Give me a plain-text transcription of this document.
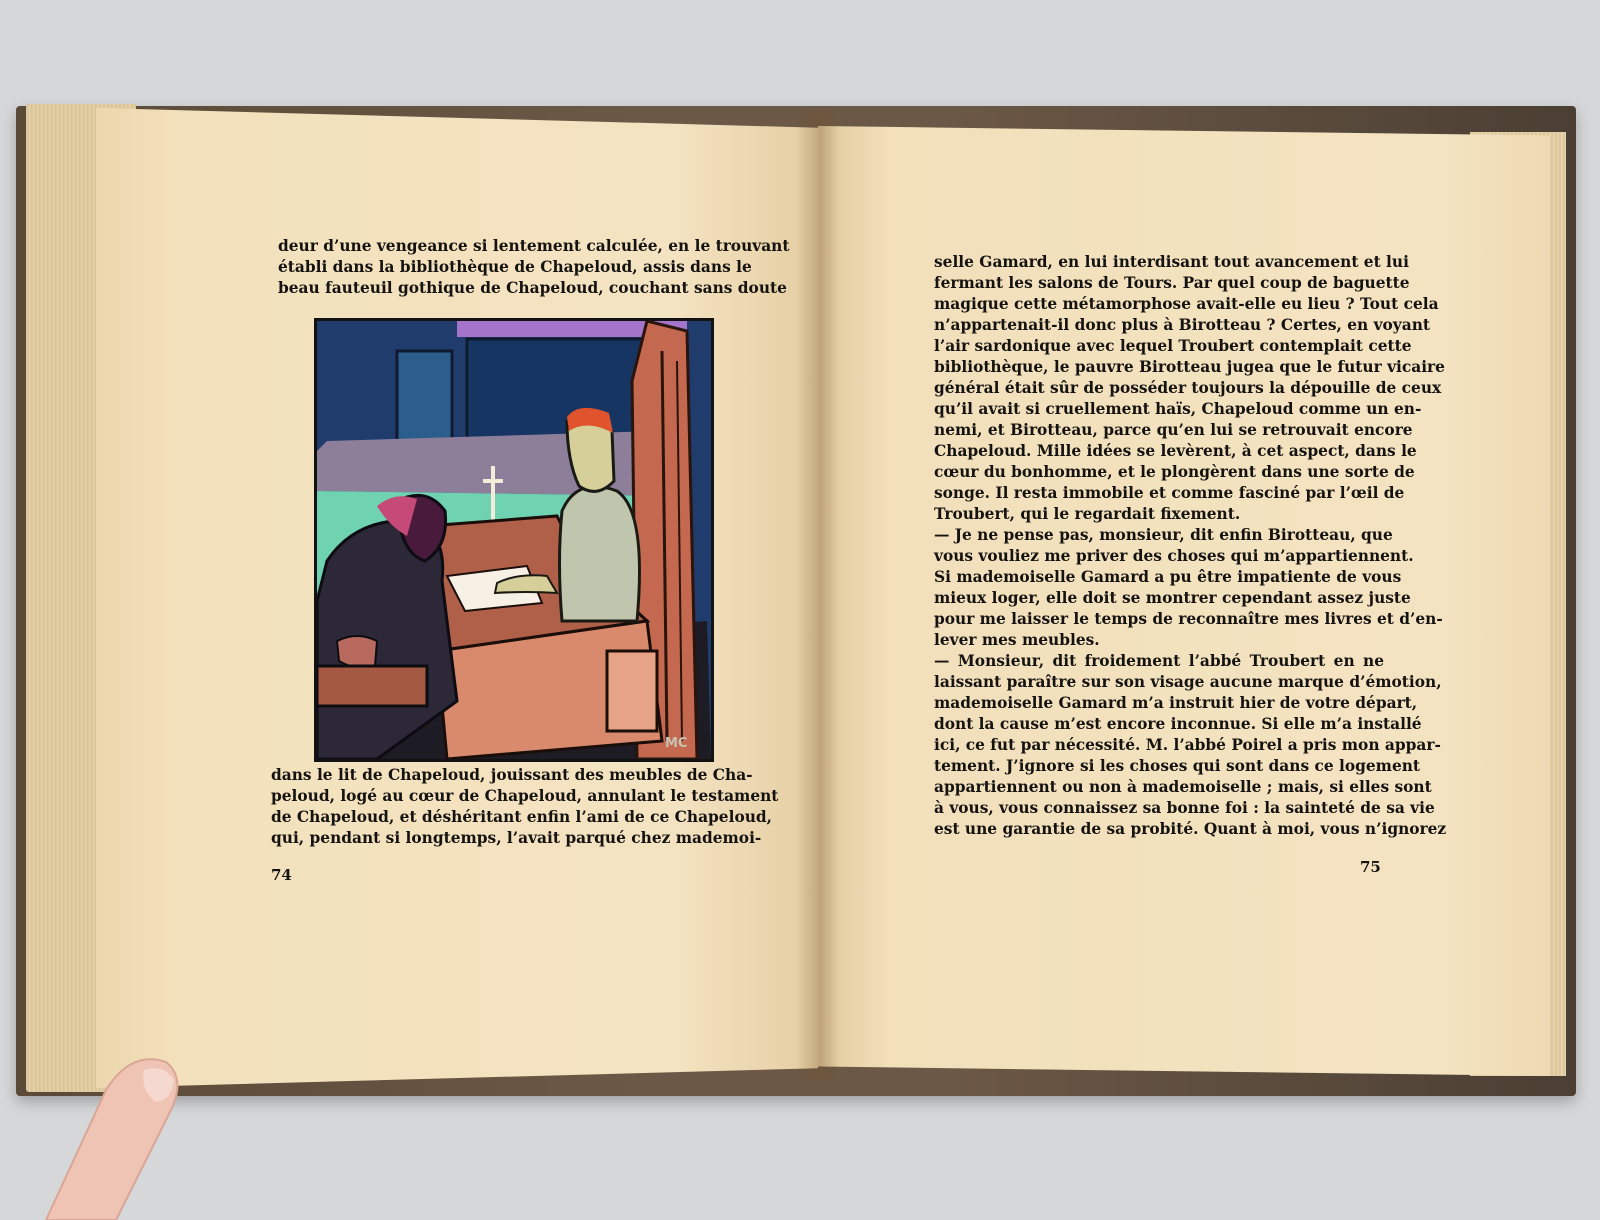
deur d’une vengeance si lentement calculée, en le trouvant
établi dans la bibliothèque de Chapeloud, assis dans le
beau fauteuil gothique de Chapeloud, couchant sans doute
MC
dans le lit de Chapeloud, jouissant des meubles de Cha-
peloud, logé au cœur de Chapeloud, annulant le testament
de Chapeloud, et déshéritant enfin l’ami de ce Chapeloud,
qui, pendant si longtemps, l’avait parqué chez mademoi-
74
selle Gamard, en lui interdisant tout avancement et lui
fermant les salons de Tours. Par quel coup de baguette
magique cette métamorphose avait-elle eu lieu ? Tout cela
n’appartenait-il donc plus à Birotteau ? Certes, en voyant
l’air sardonique avec lequel Troubert contemplait cette
bibliothèque, le pauvre Birotteau jugea que le futur vicaire
général était sûr de posséder toujours la dépouille de ceux
qu’il avait si cruellement haïs, Chapeloud comme un en-
nemi, et Birotteau, parce qu’en lui se retrouvait encore
Chapeloud. Mille idées se levèrent, à cet aspect, dans le
cœur du bonhomme, et le plongèrent dans une sorte de
songe. Il resta immobile et comme fasciné par l’œil de
Troubert, qui le regardait fixement.
— Je ne pense pas, monsieur, dit enfin Birotteau, que
vous vouliez me priver des choses qui m’appartiennent.
Si mademoiselle Gamard a pu être impatiente de vous
mieux loger, elle doit se montrer cependant assez juste
pour me laisser le temps de reconnaître mes livres et d’en-
lever mes meubles.
— Monsieur, dit froidement l’abbé Troubert en ne
laissant paraître sur son visage aucune marque d’émotion,
mademoiselle Gamard m’a instruit hier de votre départ,
dont la cause m’est encore inconnue. Si elle m’a installé
ici, ce fut par nécessité. M. l’abbé Poirel a pris mon appar-
tement. J’ignore si les choses qui sont dans ce logement
appartiennent ou non à mademoiselle ; mais, si elles sont
à vous, vous connaissez sa bonne foi : la sainteté de sa vie
est une garantie de sa probité. Quant à moi, vous n’ignorez
75
